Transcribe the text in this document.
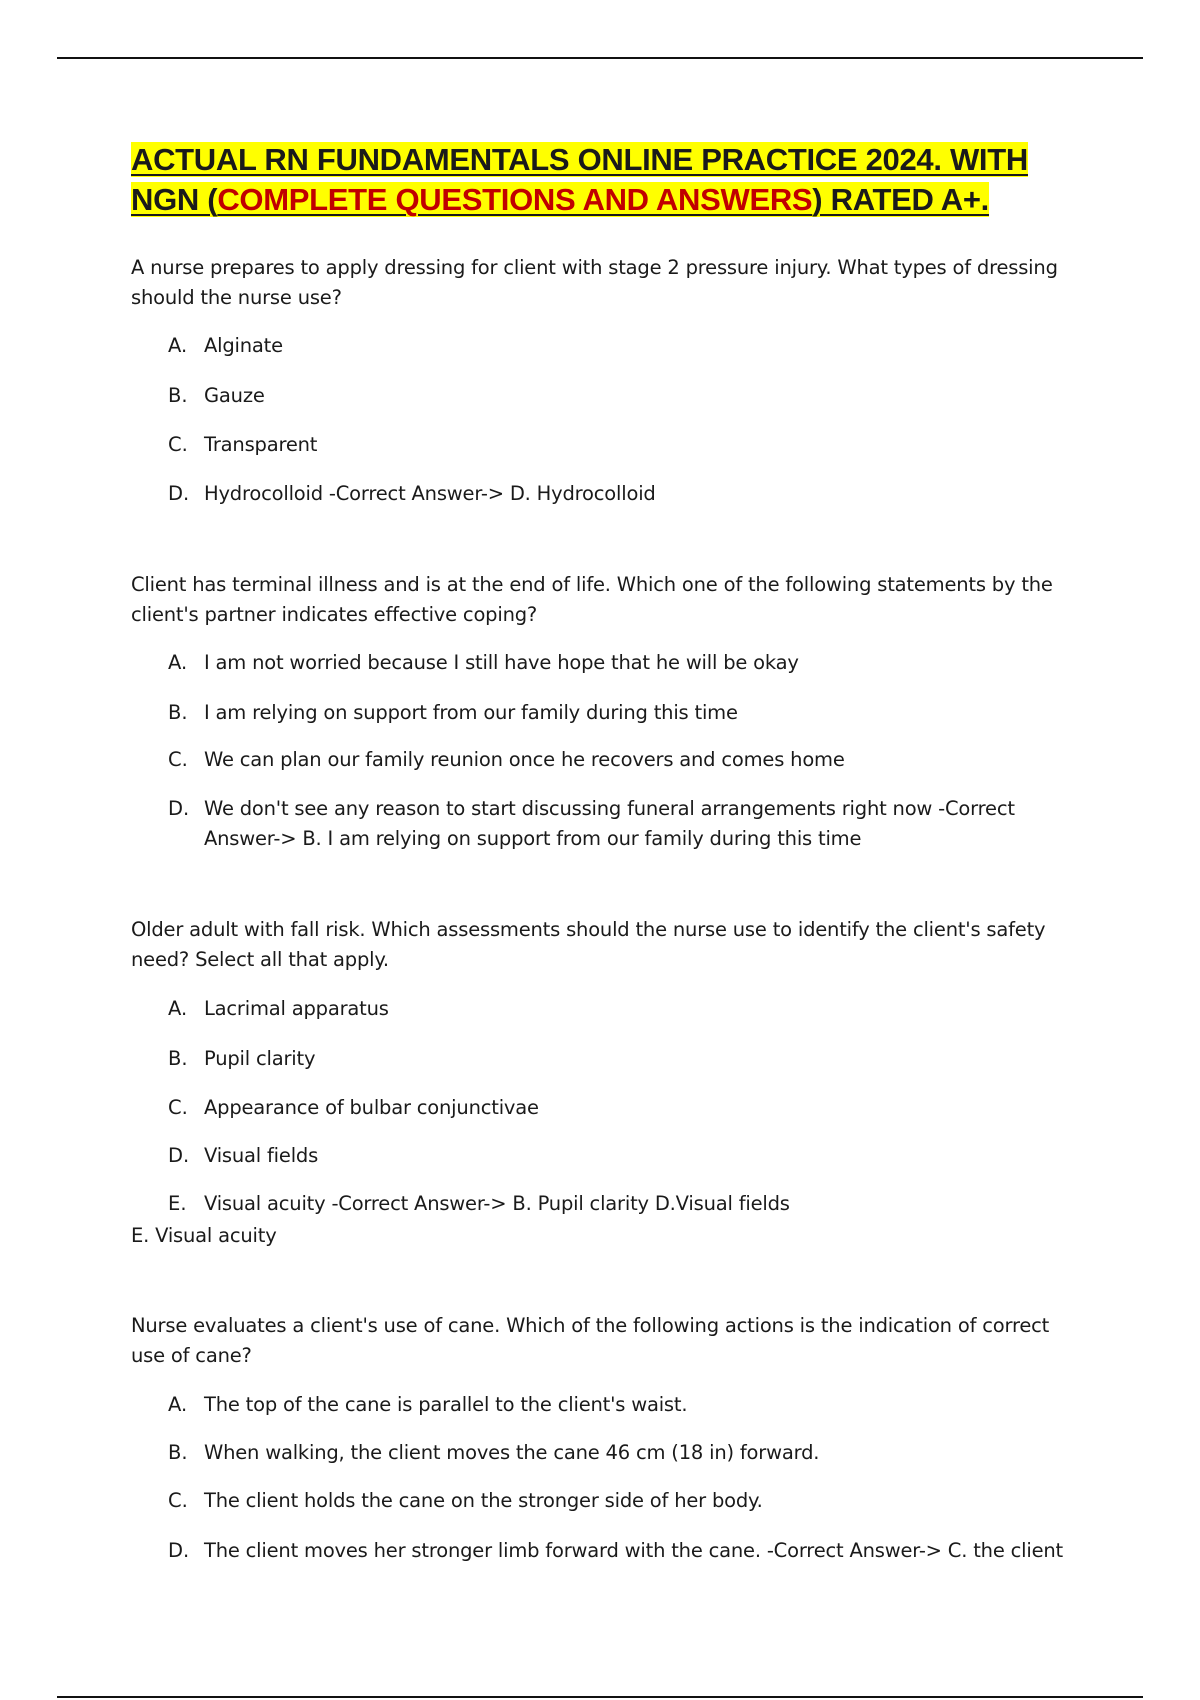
ACTUAL RN FUNDAMENTALS ONLINE PRACTICE 2024. WITH
NGN (COMPLETE QUESTIONS AND ANSWERS) RATED A+.
A nurse prepares to apply dressing for client with stage 2 pressure injury. What types of dressing
should the nurse use?
A. Alginate
B. Gauze
C. Transparent
D. Hydrocolloid -Correct Answer-> D. Hydrocolloid
Client has terminal illness and is at the end of life. Which one of the following statements by the
client's partner indicates effective coping?
A. I am not worried because I still have hope that he will be okay
B. I am relying on support from our family during this time
C. We can plan our family reunion once he recovers and comes home
D. We don't see any reason to start discussing funeral arrangements right now -Correct
Answer-> B. I am relying on support from our family during this time
Older adult with fall risk. Which assessments should the nurse use to identify the client's safety
need? Select all that apply.
A. Lacrimal apparatus
B. Pupil clarity
C. Appearance of bulbar conjunctivae
D. Visual fields
E. Visual acuity -Correct Answer-> B. Pupil clarity D.Visual fields
E. Visual acuity
Nurse evaluates a client's use of cane. Which of the following actions is the indication of correct
use of cane?
A. The top of the cane is parallel to the client's waist.
B. When walking, the client moves the cane 46 cm (18 in) forward.
C. The client holds the cane on the stronger side of her body.
D. The client moves her stronger limb forward with the cane. -Correct Answer-> C. the client
